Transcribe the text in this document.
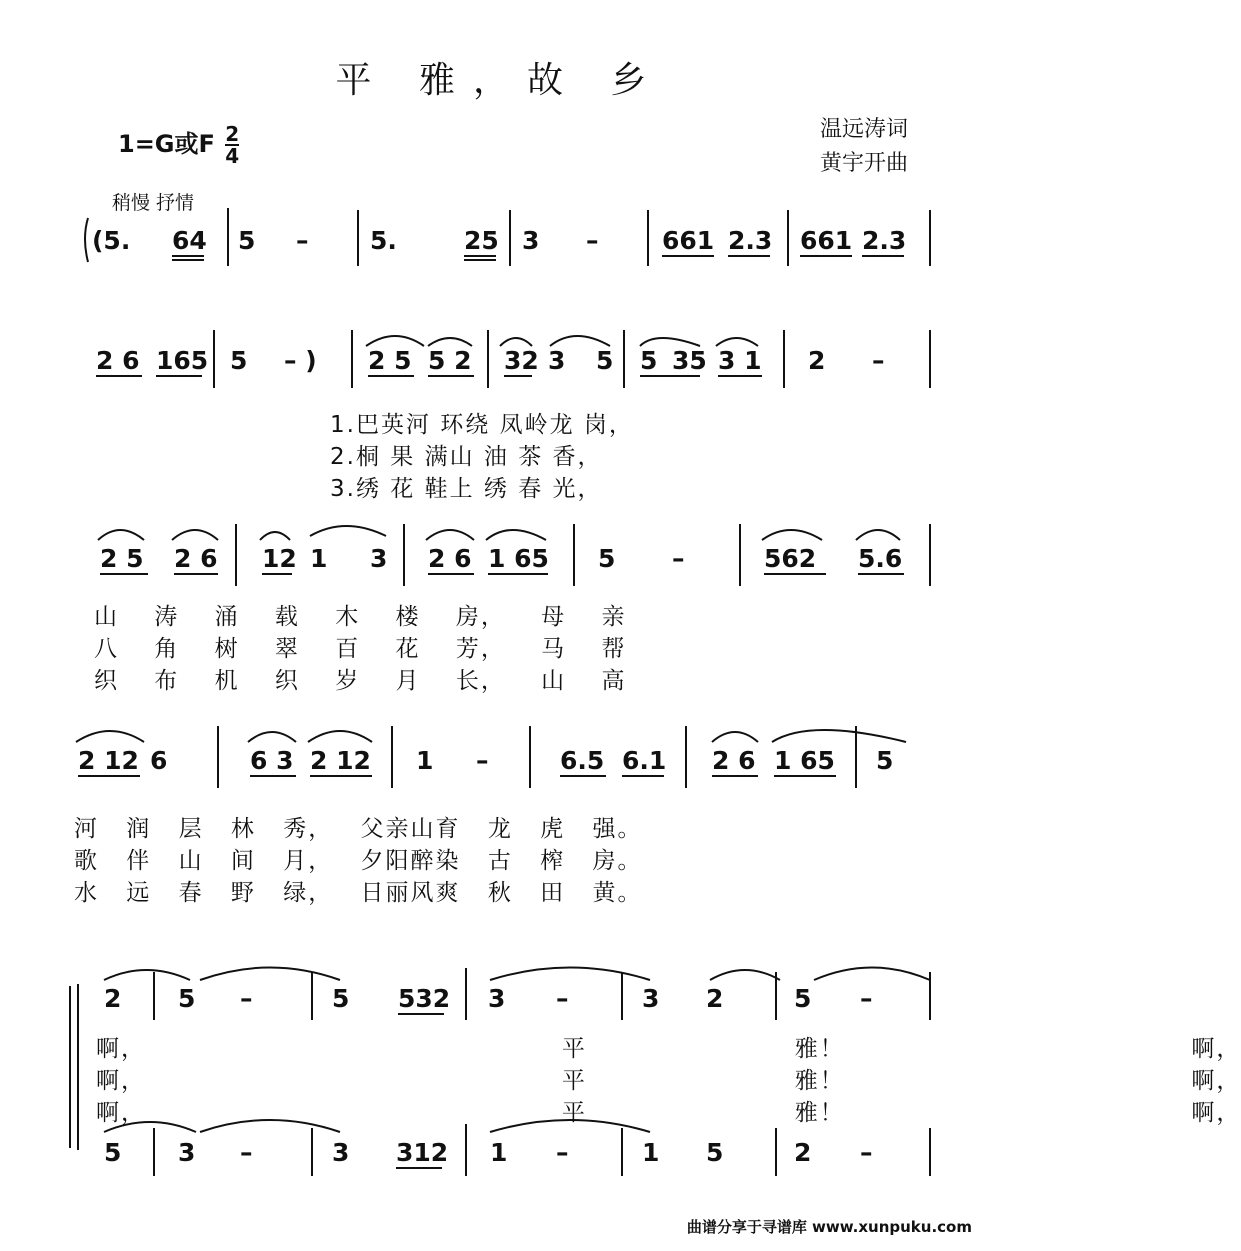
平 雅，故 乡
1=G或F $\frac{2}{4}$	温远涛词
黄宇开曲
稍慢 抒情
(5. 64 5 – 5.	25 3 –	661 2.3 661 2.3
2 6 165 5 – ) 2 5 5 2 32 3 5 5 35 3 1 2 –
1.巴英河 环绕 凤岭龙 岗，
2.桐 果 满山 油 茶 香，
3.绣 花 鞋上 绣 春 光，
2 5 2 6 12 1 3 2 6 1 65 5 –	562 5.6
山 涛 涌 载 木 楼 房， 母 亲
八 角 树 翠 百 花 芳， 马 帮
织 布 机 织 岁 月 长， 山 高
2 12 6	6 3 2 12 1 –	6.5 6.1 2 6 1 65 5
河 润 层 林 秀， 父亲山育 龙 虎 强。
歌 伴 山 间 月， 夕阳醉染 古 榨 房。
水 远 春 野 绿， 日丽风爽 秋 田 黄。
2 5 –	5 532 3 –	3 2	5 –
啊，      平   雅！     啊，
啊，      平   雅！     啊，
啊，      平   雅！     啊，
5 3 –	3 312 1 –	1 5	2 –
曲谱分享于寻谱库 www.xunpuku.com
